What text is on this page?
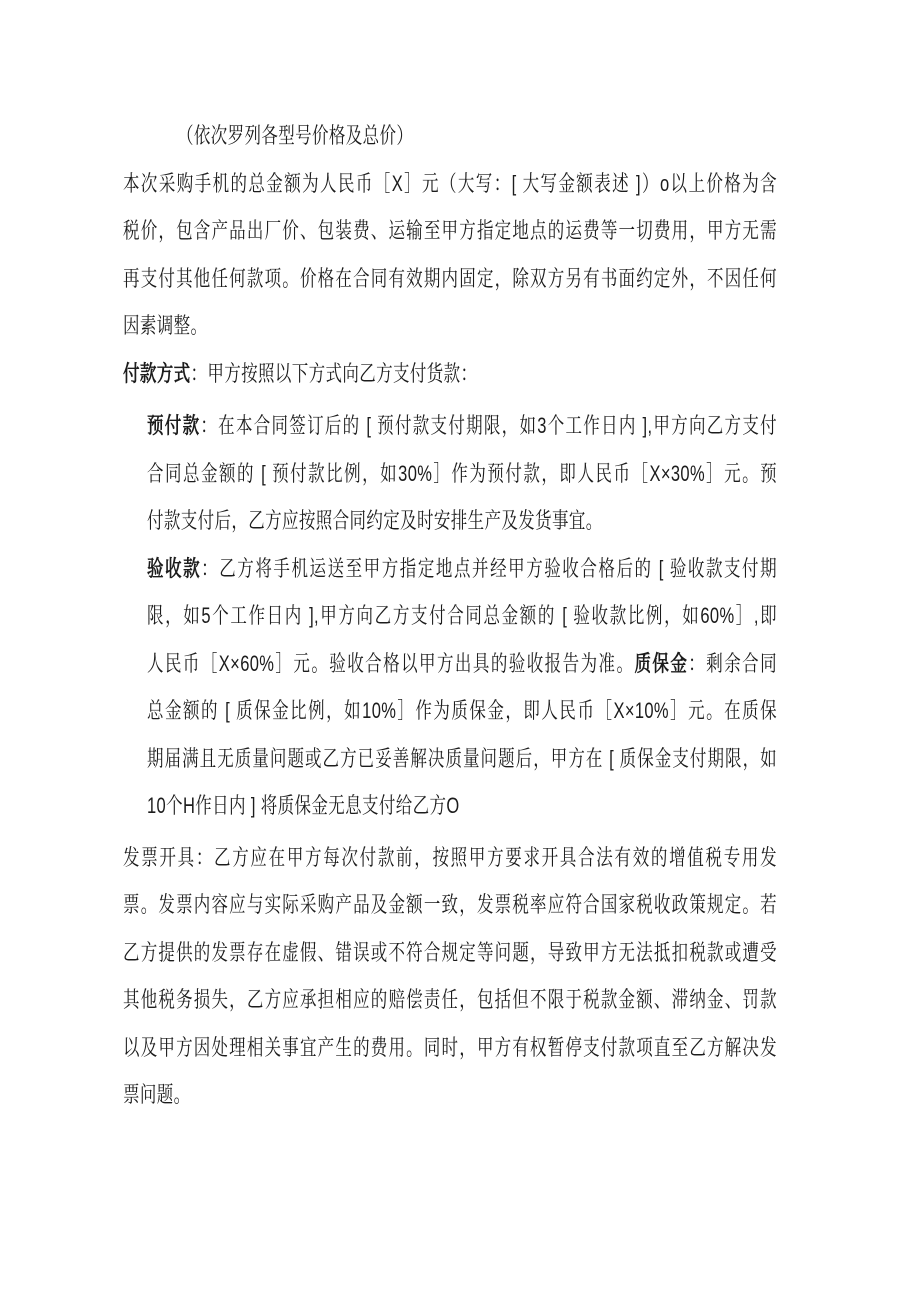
（依次罗列各型号价格及总价）
本次采购手机的总金额为人民币［X］元（大写：[ 大写金额表述 ]）o以上价格为含
税价，包含产品出厂价、包装费、运输至甲方指定地点的运费等一切费用，甲方无需
再支付其他任何款项。价格在合同有效期内固定，除双方另有书面约定外，不因任何
因素调整。
付款方式：甲方按照以下方式向乙方支付货款：
预付款：在本合同签订后的 [ 预付款支付期限，如3个工作日内 ],甲方向乙方支付
合同总金额的 [ 预付款比例，如30%］作为预付款，即人民币［X×30%］元。预
付款支付后，乙方应按照合同约定及时安排生产及发货事宜。
验收款：乙方将手机运送至甲方指定地点并经甲方验收合格后的 [ 验收款支付期
限，如5个工作日内 ],甲方向乙方支付合同总金额的 [ 验收款比例，如60%］,即
人民币［X×60%］元。验收合格以甲方出具的验收报告为准。质保金：剩余合同
总金额的 [ 质保金比例，如10%］作为质保金，即人民币［X×10%］元。在质保
期届满且无质量问题或乙方已妥善解决质量问题后，甲方在 [ 质保金支付期限，如
10个H作日内 ] 将质保金无息支付给乙方O
发票开具：乙方应在甲方每次付款前，按照甲方要求开具合法有效的增值税专用发
票。发票内容应与实际采购产品及金额一致，发票税率应符合国家税收政策规定。若
乙方提供的发票存在虚假、错误或不符合规定等问题，导致甲方无法抵扣税款或遭受
其他税务损失，乙方应承担相应的赔偿责任，包括但不限于税款金额、滞纳金、罚款
以及甲方因处理相关事宜产生的费用。同时，甲方有权暂停支付款项直至乙方解决发
票问题。
